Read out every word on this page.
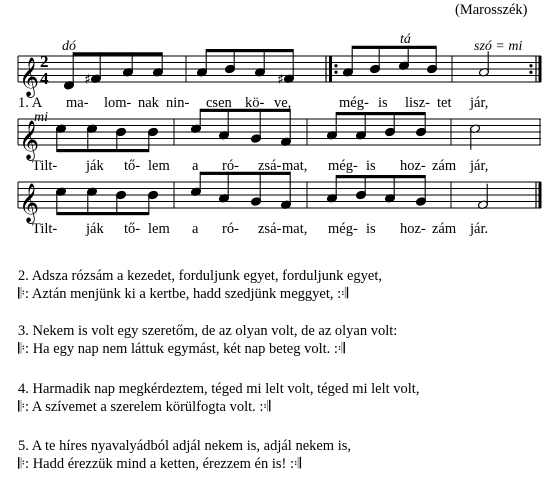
𝄞
𝄞
𝄞
♯	♯
dó	tá	szó = mi
mi
2
4
1. A ma- lom- nak nin- csen kö- ve,	még- is lisz- tet jár,
Tilt- ják tő- lem a ró- zsá- mat, még- is hoz- zám jár,
Tilt- ják tő- lem a ró- zsá- mat, még- is hoz- zám jár.
(Marosszék)
2. Adsza rózsám a kezedet, forduljunk egyet, forduljunk egyet,
𝄆: Aztán menjünk ki a kertbe, hadd szedjünk meggyet, :𝄇
3. Nekem is volt egy szeretőm, de az olyan volt, de az olyan volt:
𝄆: Ha egy nap nem láttuk egymást, két nap beteg volt. :𝄇
4. Harmadik nap megkérdeztem, téged mi lelt volt, téged mi lelt volt,
𝄆: A szívemet a szerelem körülfogta volt. :𝄇
5. A te híres nyavalyádból adjál nekem is, adjál nekem is,
𝄆: Hadd érezzük mind a ketten, érezzem én is! :𝄇
